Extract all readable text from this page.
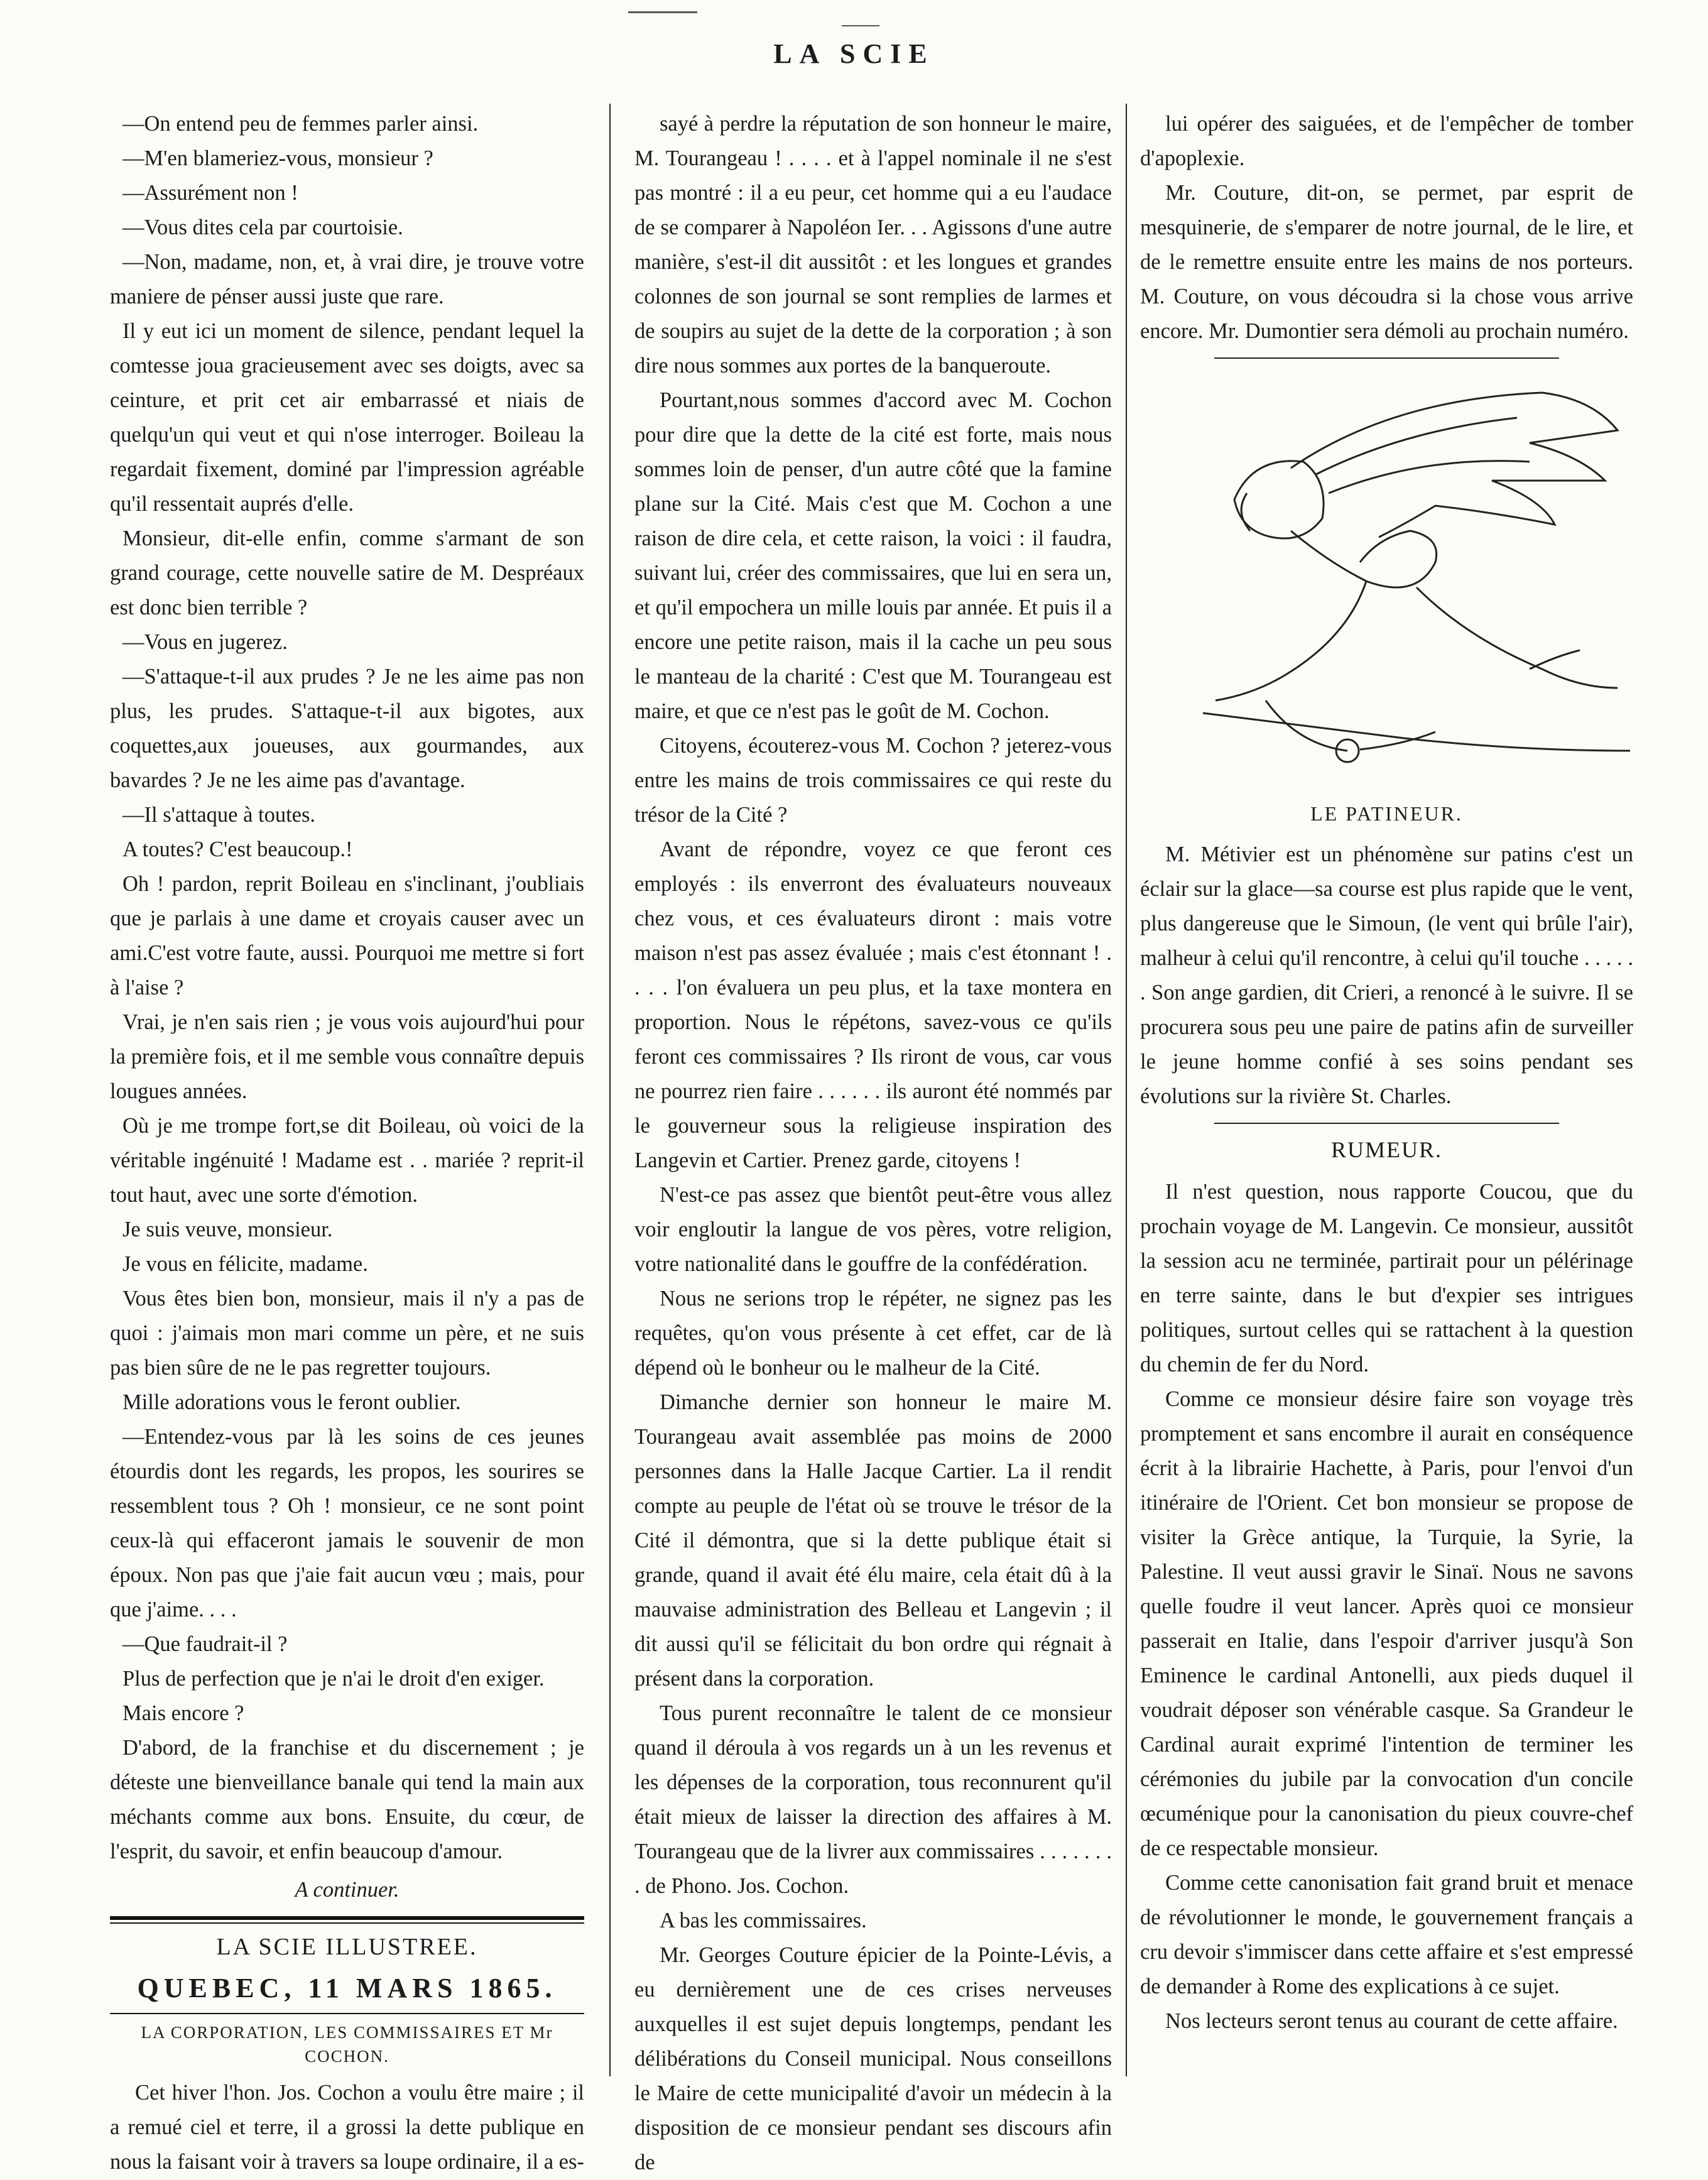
LA SCIE

—On entend peu de femmes parler ainsi.

—M'en blameriez-vous, monsieur ?

—Assurément non !

—Vous dites cela par courtoisie.

—Non, madame, non, et, à vrai dire, je trouve votre maniere de pénser aussi juste que rare.

Il y eut ici un moment de silence, pendant lequel la comtesse joua gracieusement avec ses doigts, avec sa ceinture, et prit cet air embarrassé et niais de quelqu'un qui veut et qui n'ose interroger. Boileau la regardait fixement, dominé par l'impression agréable qu'il ressentait auprés d'elle.

Monsieur, dit-elle enfin, comme s'armant de son grand courage, cette nouvelle satire de M. Despréaux est donc bien terrible ?

—Vous en jugerez.

—S'attaque-t-il aux prudes ? Je ne les aime pas non plus, les prudes. S'attaque-t-il aux bigotes, aux coquettes,aux joueuses, aux gourmandes, aux bavardes ? Je ne les aime pas d'avantage.

—Il s'attaque à toutes.

A toutes? C'est beaucoup.!

Oh ! pardon, reprit Boileau en s'inclinant, j'oubliais que je parlais à une dame et croyais causer avec un ami.C'est votre faute, aussi. Pourquoi me mettre si fort à l'aise ?

Vrai, je n'en sais rien ; je vous vois aujourd'hui pour la première fois, et il me semble vous connaître depuis lougues années.

Où je me trompe fort,se dit Boileau, où voici de la véritable ingénuité ! Madame est . . mariée ? reprit-il tout haut, avec une sorte d'émotion.

Je suis veuve, monsieur.

Je vous en félicite, madame.

Vous êtes bien bon, monsieur, mais il n'y a pas de quoi : j'aimais mon mari comme un père, et ne suis pas bien sûre de ne le pas regretter toujours.

Mille adorations vous le feront oublier.

—Entendez-vous par là les soins de ces jeunes étourdis dont les regards, les propos, les sourires se ressemblent tous ? Oh ! monsieur, ce ne sont point ceux-là qui effaceront jamais le souvenir de mon époux. Non pas que j'aie fait aucun vœu ; mais, pour que j'aime. . . .

—Que faudrait-il ?

Plus de perfection que je n'ai le droit d'en exiger.

Mais encore ?

D'abord, de la franchise et du discernement ; je déteste une bienveillance banale qui tend la main aux méchants comme aux bons. Ensuite, du cœur, de l'esprit, du savoir, et enfin beaucoup d'amour.

A continuer.
LA SCIE ILLUSTREE.
QUEBEC, 11 MARS 1865.
LA CORPORATION, LES COMMISSAIRES ET Mr COCHON.

Cet hiver l'hon. Jos. Cochon a voulu être maire ; il a remué ciel et terre, il a grossi la dette publique en nous la faisant voir à travers sa loupe ordinaire, il a es-

sayé à perdre la réputation de son honneur le maire, M. Tourangeau ! . . . . et à l'appel nominale il ne s'est pas montré : il a eu peur, cet homme qui a eu l'audace de se comparer à Napoléon Ier. . . Agissons d'une autre manière, s'est-il dit aussitôt : et les longues et grandes colonnes de son journal se sont remplies de larmes et de soupirs au sujet de la dette de la corporation ; à son dire nous sommes aux portes de la banqueroute.

Pourtant,nous sommes d'accord avec M. Cochon pour dire que la dette de la cité est forte, mais nous sommes loin de penser, d'un autre côté que la famine plane sur la Cité. Mais c'est que M. Cochon a une raison de dire cela, et cette raison, la voici : il faudra, suivant lui, créer des commissaires, que lui en sera un, et qu'il empochera un mille louis par année. Et puis il a encore une petite raison, mais il la cache un peu sous le manteau de la charité : C'est que M. Tourangeau est maire, et que ce n'est pas le goût de M. Cochon.

Citoyens, écouterez-vous M. Cochon ? jeterez-vous entre les mains de trois commissaires ce qui reste du trésor de la Cité ?

Avant de répondre, voyez ce que feront ces employés : ils enverront des évaluateurs nouveaux chez vous, et ces évaluateurs diront : mais votre maison n'est pas assez évaluée ; mais c'est étonnant ! . . . . l'on évaluera un peu plus, et la taxe montera en proportion. Nous le répétons, savez-vous ce qu'ils feront ces commissaires ? Ils riront de vous, car vous ne pourrez rien faire . . . . . . ils auront été nommés par le gouverneur sous la religieuse inspiration des Langevin et Cartier. Prenez garde, citoyens !

N'est-ce pas assez que bientôt peut-être vous allez voir engloutir la langue de vos pères, votre religion, votre nationalité dans le gouffre de la confédération.

Nous ne serions trop le répéter, ne signez pas les requêtes, qu'on vous présente à cet effet, car de là dépend où le bonheur ou le malheur de la Cité.

Dimanche dernier son honneur le maire M. Tourangeau avait assemblée pas moins de 2000 personnes dans la Halle Jacque Cartier. La il rendit compte au peuple de l'état où se trouve le trésor de la Cité il démontra, que si la dette publique était si grande, quand il avait été élu maire, cela était dû à la mauvaise administration des Belleau et Langevin ; il dit aussi qu'il se félicitait du bon ordre qui régnait à présent dans la corporation.

Tous purent reconnaître le talent de ce monsieur quand il déroula à vos regards un à un les revenus et les dépenses de la corporation, tous reconnurent qu'il était mieux de laisser la direction des affaires à M. Tourangeau que de la livrer aux commissaires . . . . . . . . de Phono. Jos. Cochon.

A bas les commissaires.

Mr. Georges Couture épicier de la Pointe-Lévis, a eu dernièrement une de ces crises nerveuses auxquelles il est sujet depuis longtemps, pendant les délibérations du Conseil municipal. Nous conseillons le Maire de cette municipalité d'avoir un médecin à la disposition de ce monsieur pendant ses discours afin de

lui opérer des saiguées, et de l'empêcher de tomber d'apoplexie.

Mr. Couture, dit-on, se permet, par esprit de mesquinerie, de s'emparer de notre journal, de le lire, et de le remettre ensuite entre les mains de nos porteurs. M. Couture, on vous découdra si la chose vous arrive encore. Mr. Dumontier sera démoli au prochain numéro.

LE PATINEUR.

M. Métivier est un phénomène sur patins c'est un éclair sur la glace—sa course est plus rapide que le vent, plus dangereuse que le Simoun, (le vent qui brûle l'air), malheur à celui qu'il rencontre, à celui qu'il touche . . . . . . Son ange gardien, dit Crieri, a renoncé à le suivre. Il se procurera sous peu une paire de patins afin de surveiller le jeune homme confié à ses soins pendant ses évolutions sur la rivière St. Charles.

RUMEUR.

Il n'est question, nous rapporte Coucou, que du prochain voyage de M. Langevin. Ce monsieur, aussitôt la session acu ne terminée, partirait pour un pélérinage en terre sainte, dans le but d'expier ses intrigues politiques, surtout celles qui se rattachent à la question du chemin de fer du Nord.

Comme ce monsieur désire faire son voyage très promptement et sans encombre il aurait en conséquence écrit à la librairie Hachette, à Paris, pour l'envoi d'un itinéraire de l'Orient. Cet bon monsieur se propose de visiter la Grèce antique, la Turquie, la Syrie, la Palestine. Il veut aussi gravir le Sinaï. Nous ne savons quelle foudre il veut lancer. Après quoi ce monsieur passerait en Italie, dans l'espoir d'arriver jusqu'à Son Eminence le cardinal Antonelli, aux pieds duquel il voudrait déposer son vénérable casque. Sa Grandeur le Cardinal aurait exprimé l'intention de terminer les cérémonies du jubile par la convocation d'un concile œcuménique pour la canonisation du pieux couvre-chef de ce respectable monsieur.

Comme cette canonisation fait grand bruit et menace de révolutionner le monde, le gouvernement français a cru devoir s'immiscer dans cette affaire et s'est empressé de demander à Rome des explications à ce sujet.

Nos lecteurs seront tenus au courant de cette affaire.
